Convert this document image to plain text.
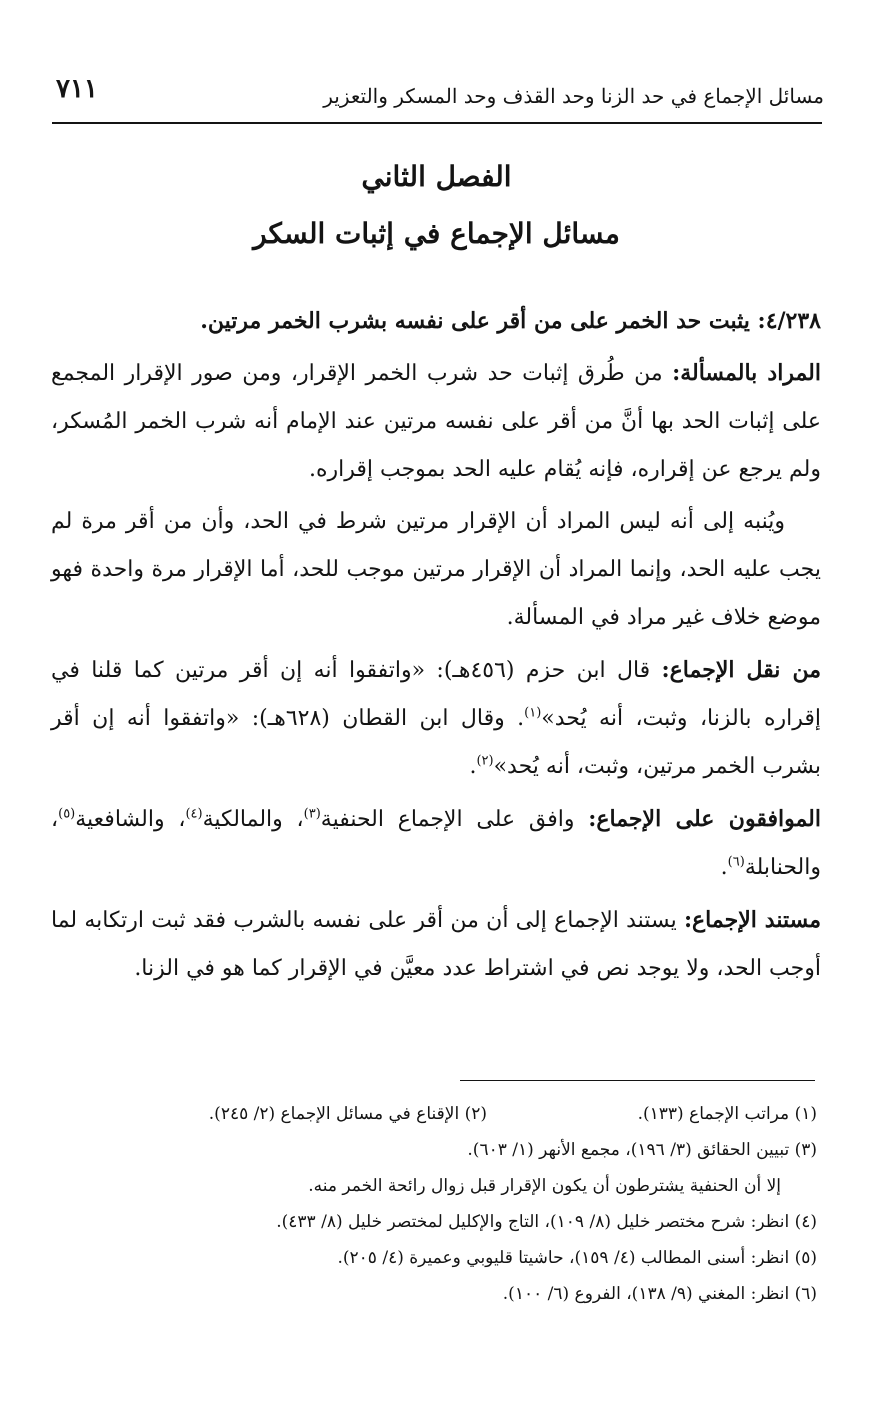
مسائل الإجماع في حد الزنا وحد القذف وحد المسكر والتعزير
٧١١
الفصل الثاني
مسائل الإجماع في إثبات السكر

٤/٢٣٨: يثبت حد الخمر على من أقر على نفسه بشرب الخمر مرتين.

المراد بالمسألة: من طُرق إثبات حد شرب الخمر الإقرار، ومن صور الإقرار المجمع على إثبات الحد بها أنَّ من أقر على نفسه مرتين عند الإمام أنه شرب الخمر المُسكر، ولم يرجع عن إقراره، فإنه يُقام عليه الحد بموجب إقراره.

ويُنبه إلى أنه ليس المراد أن الإقرار مرتين شرط في الحد، وأن من أقر مرة لم يجب عليه الحد، وإنما المراد أن الإقرار مرتين موجب للحد، أما الإقرار مرة واحدة فهو موضع خلاف غير مراد في المسألة.

من نقل الإجماع: قال ابن حزم (٤٥٦هـ): «واتفقوا أنه إن أقر مرتين كما قلنا في إقراره بالزنا، وثبت، أنه يُحد»$^{(١)}$. وقال ابن القطان (٦٢٨هـ): «واتفقوا أنه إن أقر بشرب الخمر مرتين، وثبت، أنه يُحد»$^{(٢)}$.

الموافقون على الإجماع: وافق على الإجماع الحنفية$^{(٣)}$، والمالكية$^{(٤)}$، والشافعية$^{(٥)}$، والحنابلة$^{(٦)}$.

مستند الإجماع: يستند الإجماع إلى أن من أقر على نفسه بالشرب فقد ثبت ارتكابه لما أوجب الحد، ولا يوجد نص في اشتراط عدد معيَّن في الإقرار كما هو في الزنا.

(١) مراتب الإجماع (١٣٣).
(٢) الإقناع في مسائل الإجماع (٢/ ٢٤٥).
(٣) تبيين الحقائق (٣/ ١٩٦)، مجمع الأنهر (١/ ٦٠٣).
إلا أن الحنفية يشترطون أن يكون الإقرار قبل زوال رائحة الخمر منه.
(٤) انظر: شرح مختصر خليل (٨/ ١٠٩)، التاج والإكليل لمختصر خليل (٨/ ٤٣٣).
(٥) انظر: أسنى المطالب (٤/ ١٥٩)، حاشيتا قليوبي وعميرة (٤/ ٢٠٥).
(٦) انظر: المغني (٩/ ١٣٨)، الفروع (٦/ ١٠٠).
